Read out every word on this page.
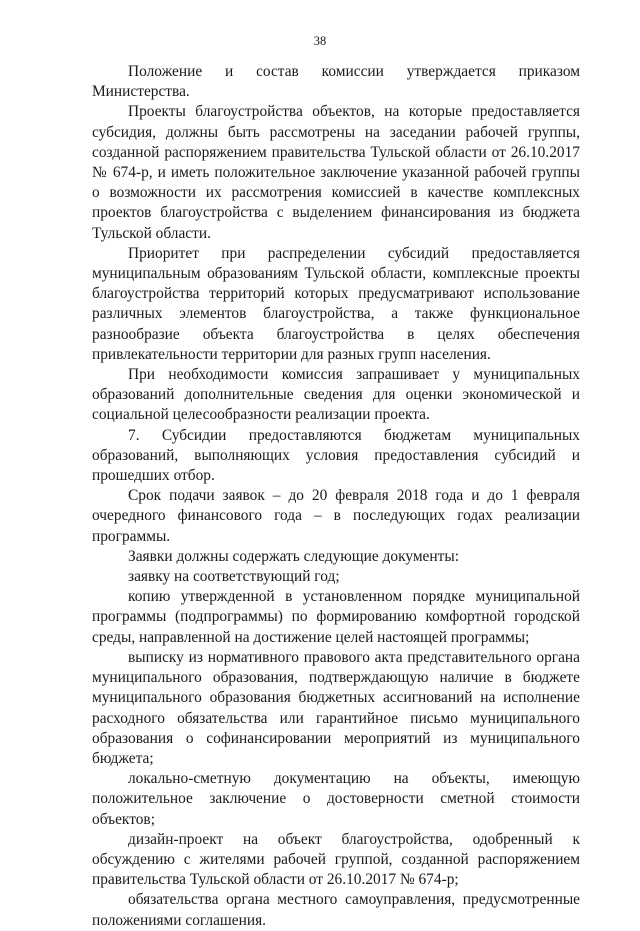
38

Положение и состав комиссии утверждается приказом Министерства.

Проекты благоустройства объектов, на которые предоставляется субсидия, должны быть рассмотрены на заседании рабочей группы, созданной распоряжением правительства Тульской области от 26.10.2017 № 674-р, и иметь положительное заключение указанной рабочей группы о возможности их рассмотрения комиссией в качестве комплексных проектов благоустройства с выделением финансирования из бюджета Тульской области.

Приоритет при распределении субсидий предоставляется муниципальным образованиям Тульской области, комплексные проекты благоустройства территорий которых предусматривают использование различных элементов благоустройства, а также функциональное разнообразие объекта благоустройства в целях обеспечения привлекательности территории для разных групп населения.

При необходимости комиссия запрашивает у муниципальных образований дополнительные сведения для оценки экономической и социальной целесообразности реализации проекта.

7. Субсидии предоставляются бюджетам муниципальных образований, выполняющих условия предоставления субсидий и прошедших отбор.

Срок подачи заявок – до 20 февраля 2018 года и до 1 февраля очередного финансового года – в последующих годах реализации программы.

Заявки должны содержать следующие документы:

заявку на соответствующий год;

копию утвержденной в установленном порядке муниципальной программы (подпрограммы) по формированию комфортной городской среды, направленной на достижение целей настоящей программы;

выписку из нормативного правового акта представительного органа муниципального образования, подтверждающую наличие в бюджете муниципального образования бюджетных ассигнований на исполнение расходного обязательства или гарантийное письмо муниципального образования о софинансировании мероприятий из муниципального бюджета;

локально-сметную документацию на объекты, имеющую положительное заключение о достоверности сметной стоимости объектов;

дизайн-проект на объект благоустройства, одобренный к обсуждению с жителями рабочей группой, созданной распоряжением правительства Тульской области от 26.10.2017 № 674-р;

обязательства органа местного самоуправления, предусмотренные положениями соглашения.
